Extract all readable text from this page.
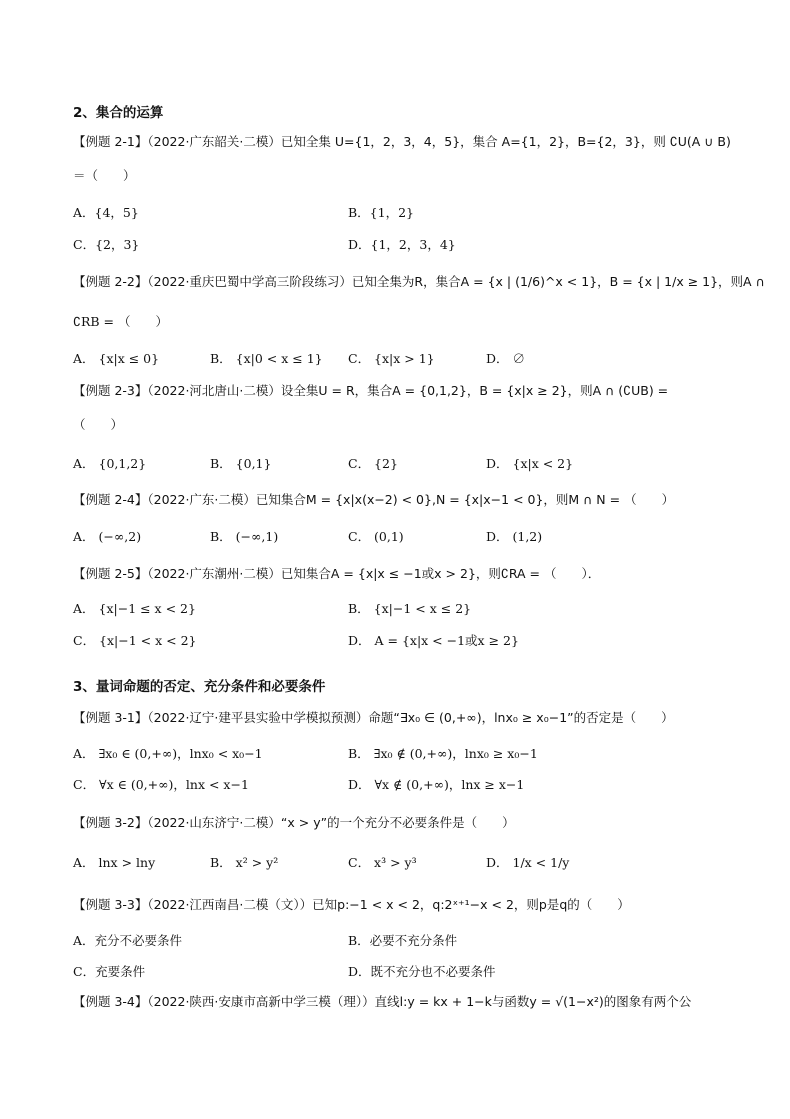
2、集合的运算
【例题 2-1】（2022·广东韶关·二模）已知全集 U={1，2，3，4，5}，集合 A={1，2}，B={2，3}，则 ∁U(A ∪ B)
＝（　　）
A．{4，5}	B．{1，2}
C．{2，3}	D．{1，2，3，4}
【例题 2-2】（2022·重庆巴蜀中学高三阶段练习）已知全集为R，集合A = {x | (1/6)^x < 1}，B = {x | 1/x ≥ 1}，则A ∩
∁RB = （　　）
A． {x|x ≤ 0}	B． {x|0 < x ≤ 1} C． {x|x > 1}	D． ∅
【例题 2-3】（2022·河北唐山·二模）设全集U = R，集合A = {0,1,2}，B = {x|x ≥ 2}，则A ∩ (∁UB) =
（　　）
A． {0,1,2}	B． {0,1}	C． {2}	D． {x|x < 2}
【例题 2-4】（2022·广东·二模）已知集合M = {x|x(x−2) < 0},N = {x|x−1 < 0}，则M ∩ N = （　　）
A． (−∞,2)	B． (−∞,1)	C． (0,1)	D． (1,2)
【例题 2-5】（2022·广东潮州·二模）已知集合A = {x|x ≤ −1或x > 2}，则∁RA = （　　）．
A． {x|−1 ≤ x < 2}	B． {x|−1 < x ≤ 2}
C． {x|−1 < x < 2}	D． A = {x|x < −1或x ≥ 2}
3、量词命题的否定、充分条件和必要条件
【例题 3-1】（2022·辽宁·建平县实验中学模拟预测）命题“∃x₀ ∈ (0,+∞)，lnx₀ ≥ x₀−1”的否定是（　　）
A． ∃x₀ ∈ (0,+∞)，lnx₀ < x₀−1	B． ∃x₀ ∉ (0,+∞)，lnx₀ ≥ x₀−1
C． ∀x ∈ (0,+∞)，lnx < x−1	D． ∀x ∉ (0,+∞)，lnx ≥ x−1
【例题 3-2】（2022·山东济宁·二模）“x > y”的一个充分不必要条件是（　　）
A． lnx > lny	B． x² > y²	C． x³ > y³	D． 1/x < 1/y
【例题 3-3】（2022·江西南昌·二模（文））已知p:−1 < x < 2，q:2ˣ⁺¹−x < 2，则p是q的（　　）
A．充分不必要条件	B．必要不充分条件
C．充要条件	D．既不充分也不必要条件
【例题 3-4】（2022·陕西·安康市高新中学三模（理））直线l:y = kx + 1−k与函数y = √(1−x²)的图象有两个公
